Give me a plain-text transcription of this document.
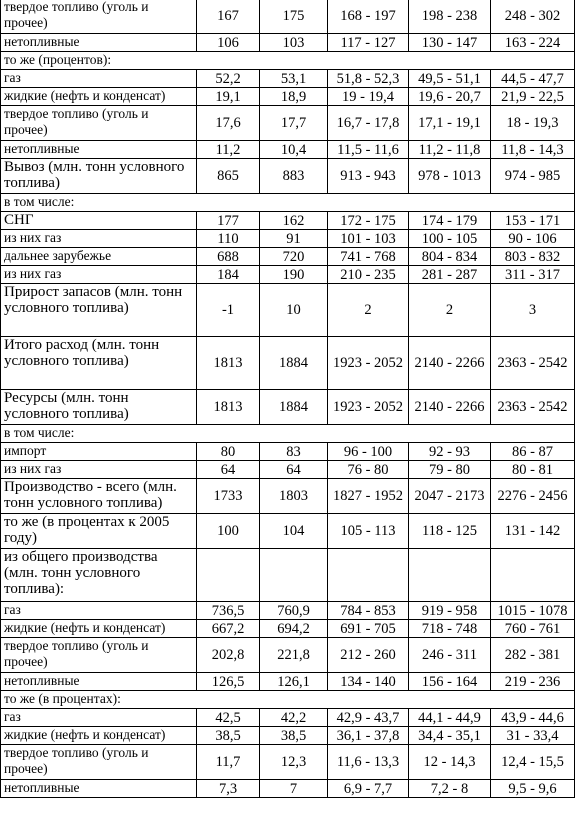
твердое топливо (уголь и прочее)	167	175	168 - 197	198 - 238	248 - 302
нетопливные	106	103	117 - 127	130 - 147	163 - 224
то же (процентов):					
газ	52,2	53,1	51,8 - 52,3	49,5 - 51,1	44,5 - 47,7
жидкие (нефть и конденсат)	19,1	18,9	19 - 19,4	19,6 - 20,7	21,9 - 22,5
твердое топливо (уголь и прочее)	17,6	17,7	16,7 - 17,8	17,1 - 19,1	18 - 19,3
нетопливные	11,2	10,4	11,5 - 11,6	11,2 - 11,8	11,8 - 14,3
Вывоз (млн. тонн условного топлива)	865	883	913 - 943	978 - 1013	974 - 985
в том числе:					
СНГ	177	162	172 - 175	174 - 179	153 - 171
из них газ	110	91	101 - 103	100 - 105	90 - 106
дальнее зарубежье	688	720	741 - 768	804 - 834	803 - 832
из них газ	184	190	210 - 235	281 - 287	311 - 317
Прирост запасов (млн. тонн условного топлива)	-1	10	2	2	3
Итого расход (млн. тонн условного топлива)	1813	1884	1923 - 2052	2140 - 2266	2363 - 2542
Ресурсы (млн. тонн условного топлива)	1813	1884	1923 - 2052	2140 - 2266	2363 - 2542
в том числе:					
импорт	80	83	96 - 100	92 - 93	86 - 87
из них газ	64	64	76 - 80	79 - 80	80 - 81
Производство - всего (млн. тонн условного топлива)	1733	1803	1827 - 1952	2047 - 2173	2276 - 2456
то же (в процентах к 2005 году)	100	104	105 - 113	118 - 125	131 - 142
из общего производства (млн. тонн условного топлива):					
газ	736,5	760,9	784 - 853	919 - 958	1015 - 1078
жидкие (нефть и конденсат)	667,2	694,2	691 - 705	718 - 748	760 - 761
твердое топливо (уголь и прочее)	202,8	221,8	212 - 260	246 - 311	282 - 381
нетопливные	126,5	126,1	134 - 140	156 - 164	219 - 236
то же (в процентах):					
газ	42,5	42,2	42,9 - 43,7	44,1 - 44,9	43,9 - 44,6
жидкие (нефть и конденсат)	38,5	38,5	36,1 - 37,8	34,4 - 35,1	31 - 33,4
твердое топливо (уголь и прочее)	11,7	12,3	11,6 - 13,3	12 - 14,3	12,4 - 15,5
нетопливные	7,3	7	6,9 - 7,7	7,2 - 8	9,5 - 9,6
